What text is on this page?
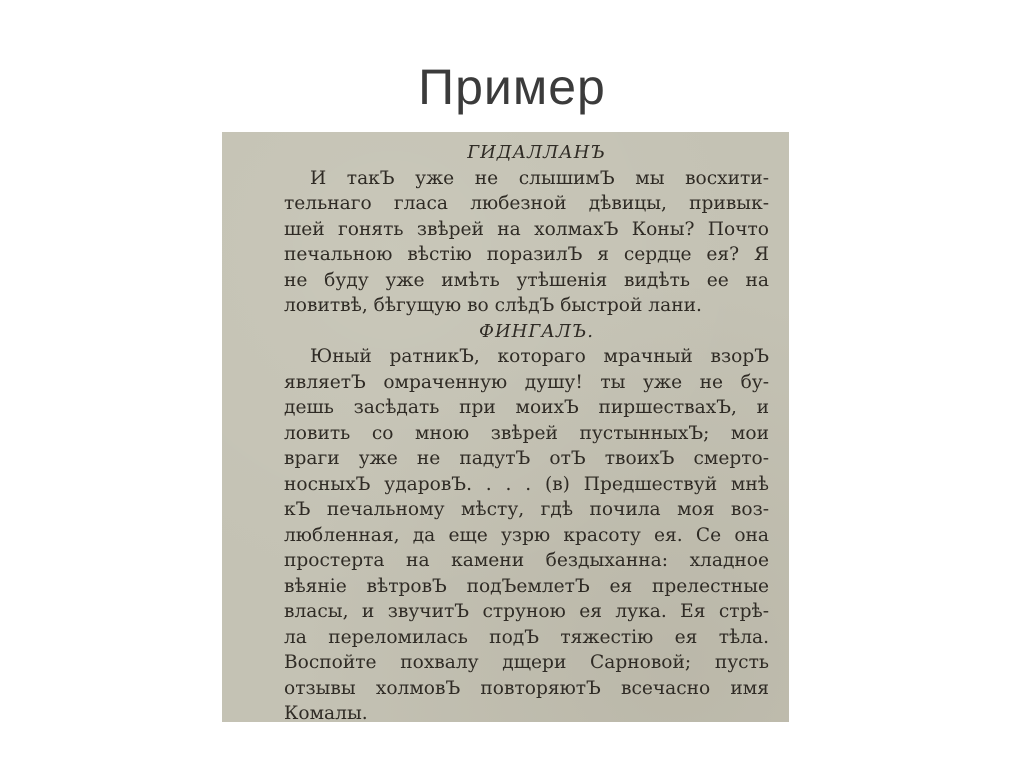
Пример
ГИДАЛЛАНЪ
И такЪ уже не слышимЪ мы восхити-
тельнаго гласа любезной дѣвицы, привык-
шей гонять звѣрей на холмахЪ Коны? Почто
печальною вѣстію поразилЪ я сердце ея? Я
не буду уже имѣть утѣшенія видѣть ее на
ловитвѣ, бѣгущую во слѣдЪ быстрой лани.
ФИНГАЛЪ.
Юный ратникЪ, котораго мрачный взорЪ
являетЪ омраченную душу! ты уже не бу-
дешь засѣдать при моихЪ пиршествахЪ, и
ловить со мною звѣрей пустынныхЪ; мои
враги уже не падутЪ отЪ твоихЪ смерто-
носныхЪ ударовЪ. . . . (в) Предшествуй мнѣ
кЪ печальному мѣсту, гдѣ почила моя воз-
любленная, да еще узрю красоту ея. Се она
простерта на камени бездыханна: хладное
вѣяніе вѣтровЪ подЪемлетЪ ея прелестные
власы, и звучитЪ струною ея лука. Ея стрѣ-
ла переломилась подЪ тяжестію ея тѣла.
Воспойте похвалу дщери Сарновой; пусть
отзывы холмовЪ повторяютЪ всечасно имя
Комалы.
